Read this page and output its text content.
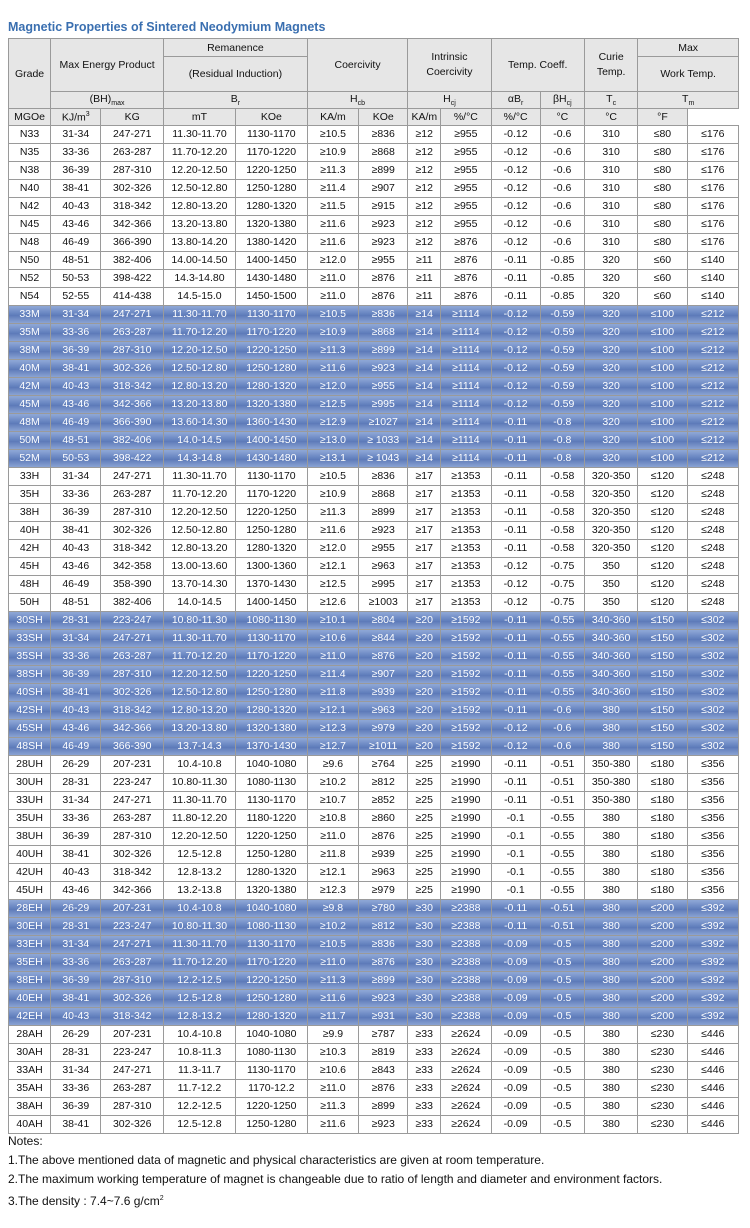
Magnetic Properties of Sintered Neodymium Magnets
Grade	Max Energy Product		Remanence		Coercivity		Intrinsic Coercivity		Temp. Coeff.		Curie Temp.	Max	
			(Residual Induction)									Work Temp.	
	$(BH)_{max}$		$B_r$		$H_{cb}$		$H_{cj}$		$\alpha B_r$	$\beta H_{cj}$	$T_c$	$T_m$
MGOe	$KJ/m^3$	KG	mT	KOe	KA/m	KOe	KA/m	%/°C	%/°C	°C	°C	°F	
N33	31-34	247-271	11.30-11.70	1130-1170	≥10.5	≥836	≥12	≥955	-0.12	-0.6	310	≤80	≤176
N35	33-36	263-287	11.70-12.20	1170-1220	≥10.9	≥868	≥12	≥955	-0.12	-0.6	310	≤80	≤176
N38	36-39	287-310	12.20-12.50	1220-1250	≥11.3	≥899	≥12	≥955	-0.12	-0.6	310	≤80	≤176
N40	38-41	302-326	12.50-12.80	1250-1280	≥11.4	≥907	≥12	≥955	-0.12	-0.6	310	≤80	≤176
N42	40-43	318-342	12.80-13.20	1280-1320	≥11.5	≥915	≥12	≥955	-0.12	-0.6	310	≤80	≤176
N45	43-46	342-366	13.20-13.80	1320-1380	≥11.6	≥923	≥12	≥955	-0.12	-0.6	310	≤80	≤176
N48	46-49	366-390	13.80-14.20	1380-1420	≥11.6	≥923	≥12	≥876	-0.12	-0.6	310	≤80	≤176
N50	48-51	382-406	14.00-14.50	1400-1450	≥12.0	≥955	≥11	≥876	-0.11	-0.85	320	≤60	≤140
N52	50-53	398-422	14.3-14.80	1430-1480	≥11.0	≥876	≥11	≥876	-0.11	-0.85	320	≤60	≤140
N54	52-55	414-438	14.5-15.0	1450-1500	≥11.0	≥876	≥11	≥876	-0.11	-0.85	320	≤60	≤140
33M	31-34	247-271	11.30-11.70	1130-1170	≥10.5	≥836	≥14	≥1114	-0.12	-0.59	320	≤100	≤212
35M	33-36	263-287	11.70-12.20	1170-1220	≥10.9	≥868	≥14	≥1114	-0.12	-0.59	320	≤100	≤212
38M	36-39	287-310	12.20-12.50	1220-1250	≥11.3	≥899	≥14	≥1114	-0.12	-0.59	320	≤100	≤212
40M	38-41	302-326	12.50-12.80	1250-1280	≥11.6	≥923	≥14	≥1114	-0.12	-0.59	320	≤100	≤212
42M	40-43	318-342	12.80-13.20	1280-1320	≥12.0	≥955	≥14	≥1114	-0.12	-0.59	320	≤100	≤212
45M	43-46	342-366	13.20-13.80	1320-1380	≥12.5	≥995	≥14	≥1114	-0.12	-0.59	320	≤100	≤212
48M	46-49	366-390	13.60-14.30	1360-1430	≥12.9	≥1027	≥14	≥1114	-0.11	-0.8	320	≤100	≤212
50M	48-51	382-406	14.0-14.5	1400-1450	≥13.0	≥ 1033	≥14	≥1114	-0.11	-0.8	320	≤100	≤212
52M	50-53	398-422	14.3-14.8	1430-1480	≥13.1	≥ 1043	≥14	≥1114	-0.11	-0.8	320	≤100	≤212
33H	31-34	247-271	11.30-11.70	1130-1170	≥10.5	≥836	≥17	≥1353	-0.11	-0.58	320-350	≤120	≤248
35H	33-36	263-287	11.70-12.20	1170-1220	≥10.9	≥868	≥17	≥1353	-0.11	-0.58	320-350	≤120	≤248
38H	36-39	287-310	12.20-12.50	1220-1250	≥11.3	≥899	≥17	≥1353	-0.11	-0.58	320-350	≤120	≤248
40H	38-41	302-326	12.50-12.80	1250-1280	≥11.6	≥923	≥17	≥1353	-0.11	-0.58	320-350	≤120	≤248
42H	40-43	318-342	12.80-13.20	1280-1320	≥12.0	≥955	≥17	≥1353	-0.11	-0.58	320-350	≤120	≤248
45H	43-46	342-358	13.00-13.60	1300-1360	≥12.1	≥963	≥17	≥1353	-0.12	-0.75	350	≤120	≤248
48H	46-49	358-390	13.70-14.30	1370-1430	≥12.5	≥995	≥17	≥1353	-0.12	-0.75	350	≤120	≤248
50H	48-51	382-406	14.0-14.5	1400-1450	≥12.6	≥1003	≥17	≥1353	-0.12	-0.75	350	≤120	≤248
30SH	28-31	223-247	10.80-11.30	1080-1130	≥10.1	≥804	≥20	≥1592	-0.11	-0.55	340-360	≤150	≤302
33SH	31-34	247-271	11.30-11.70	1130-1170	≥10.6	≥844	≥20	≥1592	-0.11	-0.55	340-360	≤150	≤302
35SH	33-36	263-287	11.70-12.20	1170-1220	≥11.0	≥876	≥20	≥1592	-0.11	-0.55	340-360	≤150	≤302
38SH	36-39	287-310	12.20-12.50	1220-1250	≥11.4	≥907	≥20	≥1592	-0.11	-0.55	340-360	≤150	≤302
40SH	38-41	302-326	12.50-12.80	1250-1280	≥11.8	≥939	≥20	≥1592	-0.11	-0.55	340-360	≤150	≤302
42SH	40-43	318-342	12.80-13.20	1280-1320	≥12.1	≥963	≥20	≥1592	-0.11	-0.6	380	≤150	≤302
45SH	43-46	342-366	13.20-13.80	1320-1380	≥12.3	≥979	≥20	≥1592	-0.12	-0.6	380	≤150	≤302
48SH	46-49	366-390	13.7-14.3	1370-1430	≥12.7	≥1011	≥20	≥1592	-0.12	-0.6	380	≤150	≤302
28UH	26-29	207-231	10.4-10.8	1040-1080	≥9.6	≥764	≥25	≥1990	-0.11	-0.51	350-380	≤180	≤356
30UH	28-31	223-247	10.80-11.30	1080-1130	≥10.2	≥812	≥25	≥1990	-0.11	-0.51	350-380	≤180	≤356
33UH	31-34	247-271	11.30-11.70	1130-1170	≥10.7	≥852	≥25	≥1990	-0.11	-0.51	350-380	≤180	≤356
35UH	33-36	263-287	11.80-12.20	1180-1220	≥10.8	≥860	≥25	≥1990	-0.1	-0.55	380	≤180	≤356
38UH	36-39	287-310	12.20-12.50	1220-1250	≥11.0	≥876	≥25	≥1990	-0.1	-0.55	380	≤180	≤356
40UH	38-41	302-326	12.5-12.8	1250-1280	≥11.8	≥939	≥25	≥1990	-0.1	-0.55	380	≤180	≤356
42UH	40-43	318-342	12.8-13.2	1280-1320	≥12.1	≥963	≥25	≥1990	-0.1	-0.55	380	≤180	≤356
45UH	43-46	342-366	13.2-13.8	1320-1380	≥12.3	≥979	≥25	≥1990	-0.1	-0.55	380	≤180	≤356
28EH	26-29	207-231	10.4-10.8	1040-1080	≥9.8	≥780	≥30	≥2388	-0.11	-0.51	380	≤200	≤392
30EH	28-31	223-247	10.80-11.30	1080-1130	≥10.2	≥812	≥30	≥2388	-0.11	-0.51	380	≤200	≤392
33EH	31-34	247-271	11.30-11.70	1130-1170	≥10.5	≥836	≥30	≥2388	-0.09	-0.5	380	≤200	≤392
35EH	33-36	263-287	11.70-12.20	1170-1220	≥11.0	≥876	≥30	≥2388	-0.09	-0.5	380	≤200	≤392
38EH	36-39	287-310	12.2-12.5	1220-1250	≥11.3	≥899	≥30	≥2388	-0.09	-0.5	380	≤200	≤392
40EH	38-41	302-326	12.5-12.8	1250-1280	≥11.6	≥923	≥30	≥2388	-0.09	-0.5	380	≤200	≤392
42EH	40-43	318-342	12.8-13.2	1280-1320	≥11.7	≥931	≥30	≥2388	-0.09	-0.5	380	≤200	≤392
28AH	26-29	207-231	10.4-10.8	1040-1080	≥9.9	≥787	≥33	≥2624	-0.09	-0.5	380	≤230	≤446
30AH	28-31	223-247	10.8-11.3	1080-1130	≥10.3	≥819	≥33	≥2624	-0.09	-0.5	380	≤230	≤446
33AH	31-34	247-271	11.3-11.7	1130-1170	≥10.6	≥843	≥33	≥2624	-0.09	-0.5	380	≤230	≤446
35AH	33-36	263-287	11.7-12.2	1170-12.2	≥11.0	≥876	≥33	≥2624	-0.09	-0.5	380	≤230	≤446
38AH	36-39	287-310	12.2-12.5	1220-1250	≥11.3	≥899	≥33	≥2624	-0.09	-0.5	380	≤230	≤446
40AH	38-41	302-326	12.5-12.8	1250-1280	≥11.6	≥923	≥33	≥2624	-0.09	-0.5	380	≤230	≤446
Notes:
1.The above mentioned data of magnetic and physical characteristics are given at room temperature.
2.The maximum working temperature of magnet is changeable due to ratio of length and diameter and environment factors.
3.The density : 7.4~7.6 $g/cm^2$
